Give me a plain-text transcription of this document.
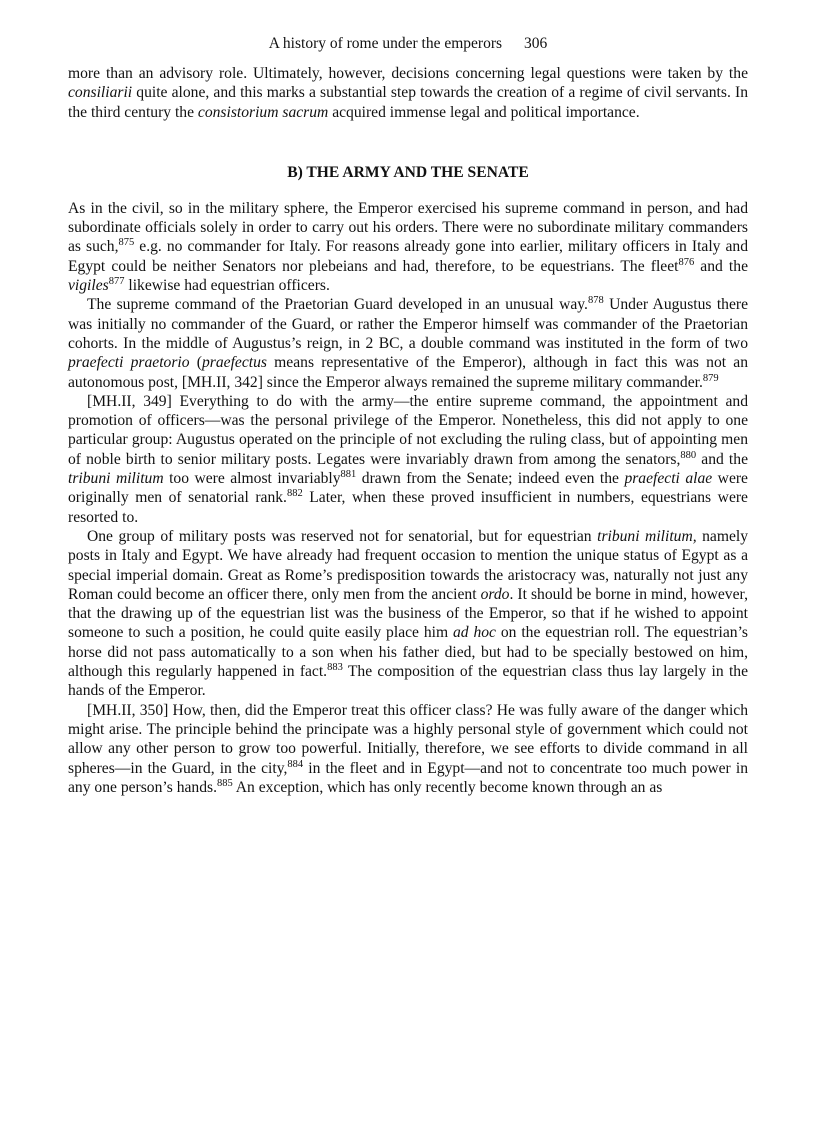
A history of rome under the emperors 306

more than an advisory role. Ultimately, however, decisions concerning legal questions were taken by the consiliarii quite alone, and this marks a substantial step towards the creation of a regime of civil servants. In the third century the consistorium sacrum acquired immense legal and political importance.

B) THE ARMY AND THE SENATE

As in the civil, so in the military sphere, the Emperor exercised his supreme command in person, and had subordinate officials solely in order to carry out his orders. There were no subordinate military commanders as such,$^{875}$ e.g. no commander for Italy. For reasons already gone into earlier, military officers in Italy and Egypt could be neither Senators nor plebeians and had, therefore, to be equestrians. The fleet$^{876}$ and the vigiles$^{877}$ likewise had equestrian officers.

The supreme command of the Praetorian Guard developed in an unusual way.$^{878}$ Under Augustus there was initially no commander of the Guard, or rather the Emperor himself was commander of the Praetorian cohorts. In the middle of Augustus’s reign, in 2 BC, a double command was instituted in the form of two praefecti praetorio (praefectus means representative of the Emperor), although in fact this was not an autonomous post, [MH.II, 342] since the Emperor always remained the supreme military commander.$^{879}$

[MH.II, 349] Everything to do with the army—the entire supreme command, the appointment and promotion of officers—was the personal privilege of the Emperor. Nonetheless, this did not apply to one particular group: Augustus operated on the principle of not excluding the ruling class, but of appointing men of noble birth to senior military posts. Legates were invariably drawn from among the senators,$^{880}$ and the tribuni militum too were almost invariably$^{881}$ drawn from the Senate; indeed even the praefecti alae were originally men of senatorial rank.$^{882}$ Later, when these proved insufficient in numbers, equestrians were resorted to.

One group of military posts was reserved not for senatorial, but for equestrian tribuni militum, namely posts in Italy and Egypt. We have already had frequent occasion to mention the unique status of Egypt as a special imperial domain. Great as Rome’s predisposition towards the aristocracy was, naturally not just any Roman could become an officer there, only men from the ancient ordo. It should be borne in mind, however, that the drawing up of the equestrian list was the business of the Emperor, so that if he wished to appoint someone to such a position, he could quite easily place him ad hoc on the equestrian roll. The equestrian’s horse did not pass automatically to a son when his father died, but had to be specially bestowed on him, although this regularly happened in fact.$^{883}$ The composition of the equestrian class thus lay largely in the hands of the Emperor.

[MH.II, 350] How, then, did the Emperor treat this officer class? He was fully aware of the danger which might arise. The principle behind the principate was a highly personal style of government which could not allow any other person to grow too powerful. Initially, therefore, we see efforts to divide command in all spheres—in the Guard, in the city,$^{884}$ in the fleet and in Egypt—and not to concentrate too much power in any one person’s hands.$^{885}$ An exception, which has only recently become known through an as
